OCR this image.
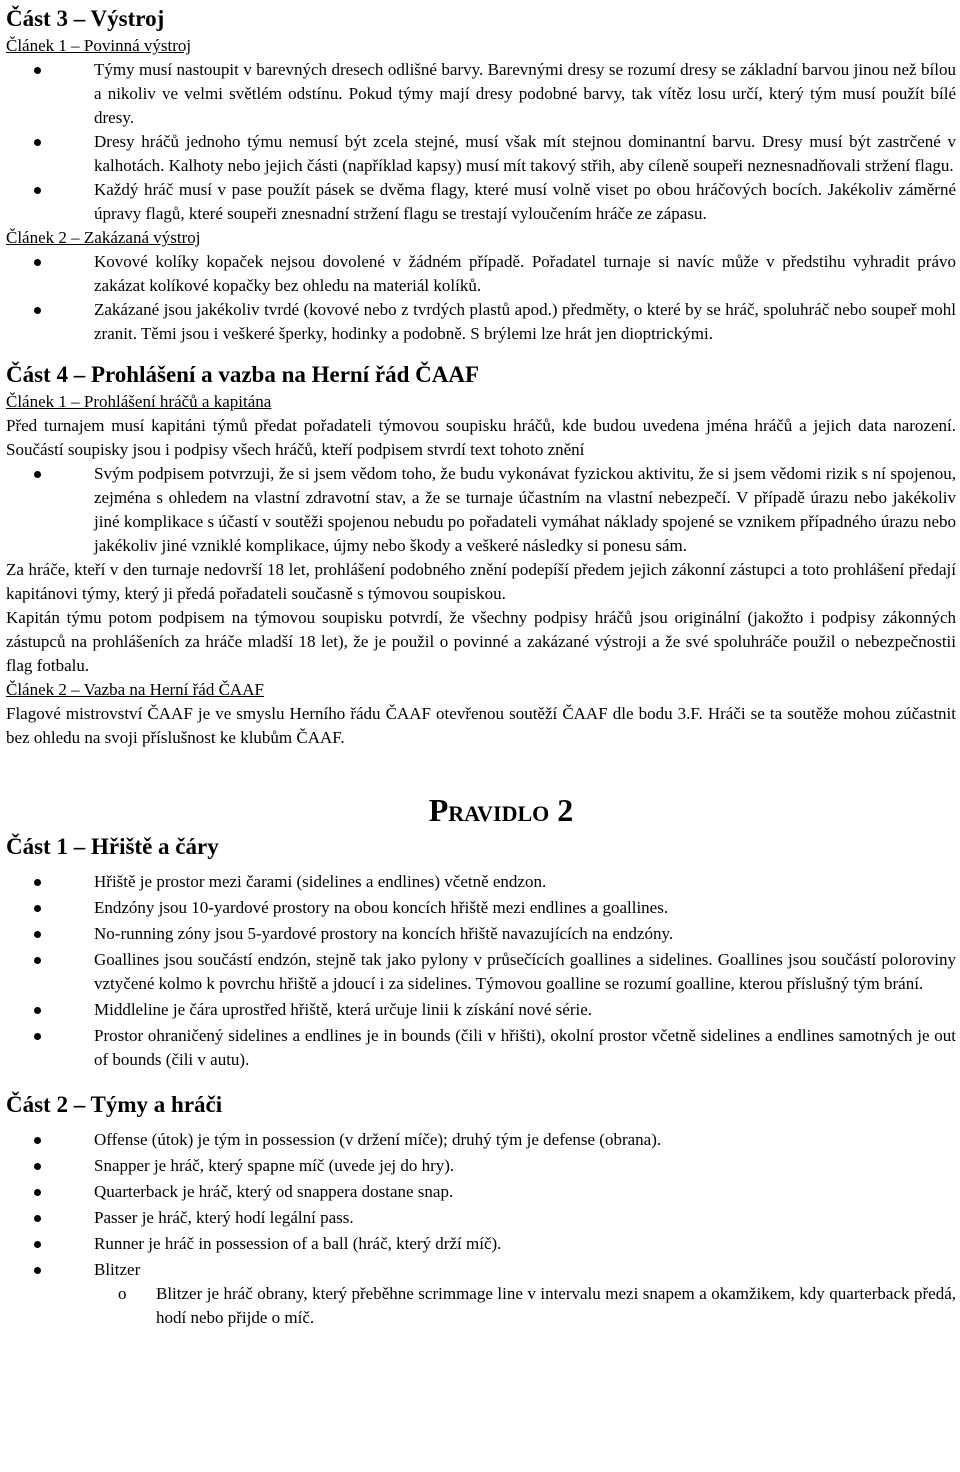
Část 3 – Výstroj
Článek 1 – Povinná výstroj
Týmy musí nastoupit v barevných dresech odlišné barvy. Barevnými dresy se rozumí dresy se základní barvou jinou než bílou a nikoliv ve velmi světlém odstínu. Pokud týmy mají dresy podobné barvy, tak vítěz losu určí, který tým musí použít bílé dresy.
Dresy hráčů jednoho týmu nemusí být zcela stejné, musí však mít stejnou dominantní barvu. Dresy musí být zastrčené v kalhotách. Kalhoty nebo jejich části (například kapsy) musí mít takový střih, aby cíleně soupeři neznesnadňovali stržení flagu.
Každý hráč musí v pase použít pásek se dvěma flagy, které musí volně viset po obou hráčových bocích. Jakékoliv záměrné úpravy flagů, které soupeři znesnadní stržení flagu se trestají vyloučením hráče ze zápasu.
Článek 2 – Zakázaná výstroj
Kovové kolíky kopaček nejsou dovolené v žádném případě. Pořadatel turnaje si navíc může v předstihu vyhradit právo zakázat kolíkové kopačky bez ohledu na materiál kolíků.
Zakázané jsou jakékoliv tvrdé (kovové nebo z tvrdých plastů apod.) předměty, o které by se hráč, spoluhráč nebo soupeř mohl zranit. Těmi jsou i veškeré šperky, hodinky a podobně. S brýlemi lze hrát jen dioptrickými.
Část 4 – Prohlášení a vazba na Herní řád ČAAF
Článek 1 – Prohlášení hráčů a kapitána

Před turnajem musí kapitáni týmů předat pořadateli týmovou soupisku hráčů, kde budou uvedena jména hráčů a jejich data narození. Součástí soupisky jsou i podpisy všech hráčů, kteří podpisem stvrdí text tohoto znění

Svým podpisem potvrzuji, že si jsem vědom toho, že budu vykonávat fyzickou aktivitu, že si jsem vědomi rizik s ní spojenou, zejména s ohledem na vlastní zdravotní stav, a že se turnaje účastním na vlastní nebezpečí. V případě úrazu nebo jakékoliv jiné komplikace s účastí v soutěži spojenou nebudu po pořadateli vymáhat náklady spojené se vznikem případného úrazu nebo jakékoliv jiné vzniklé komplikace, újmy nebo škody a veškeré následky si ponesu sám.

Za hráče, kteří v den turnaje nedovrší 18 let, prohlášení podobného znění podepíší předem jejich zákonní zástupci a toto prohlášení předají kapitánovi týmy, který ji předá pořadateli současně s týmovou soupiskou.

Kapitán týmu potom podpisem na týmovou soupisku potvrdí, že všechny podpisy hráčů jsou originální (jakožto i podpisy zákonných zástupců na prohlášeních za hráče mladší 18 let), že je použil o povinné a zakázané výstroji a že své spoluhráče použil o nebezpečnostii flag fotbalu.

Článek 2 – Vazba na Herní řád ČAAF

Flagové mistrovství ČAAF je ve smyslu Herního řádu ČAAF otevřenou soutěží ČAAF dle bodu 3.F. Hráči se ta soutěže mohou zúčastnit bez ohledu na svoji příslušnost ke klubům ČAAF.

Pravidlo 2
Část 1 – Hřiště a čáry
Hřiště je prostor mezi čarami (sidelines a endlines) včetně endzon.
Endzóny jsou 10-yardové prostory na obou koncích hřiště mezi endlines a goallines.
No-running zóny jsou 5-yardové prostory na koncích hřiště navazujících na endzóny.
Goallines jsou součástí endzón, stejně tak jako pylony v průsečících goallines a sidelines. Goallines jsou součástí poloroviny vztyčené kolmo k povrchu hřiště a jdoucí i za sidelines. Týmovou goalline se rozumí goalline, kterou příslušný tým brání.
Middleline je čára uprostřed hřiště, která určuje linii k získání nové série.
Prostor ohraničený sidelines a endlines je in bounds (čili v hřišti), okolní prostor včetně sidelines a endlines samotných je out of bounds (čili v autu).
Část 2 – Týmy a hráči
Offense (útok) je tým in possession (v držení míče); druhý tým je defense (obrana).
Snapper je hráč, který spapne míč (uvede jej do hry).
Quarterback je hráč, který od snappera dostane snap.
Passer je hráč, který hodí legální pass.
Runner je hráč in possession of a ball (hráč, který drží míč).
Blitzer
o Blitzer je hráč obrany, který přeběhne scrimmage line v intervalu mezi snapem a okamžikem, kdy quarterback předá, hodí nebo přijde o míč.
